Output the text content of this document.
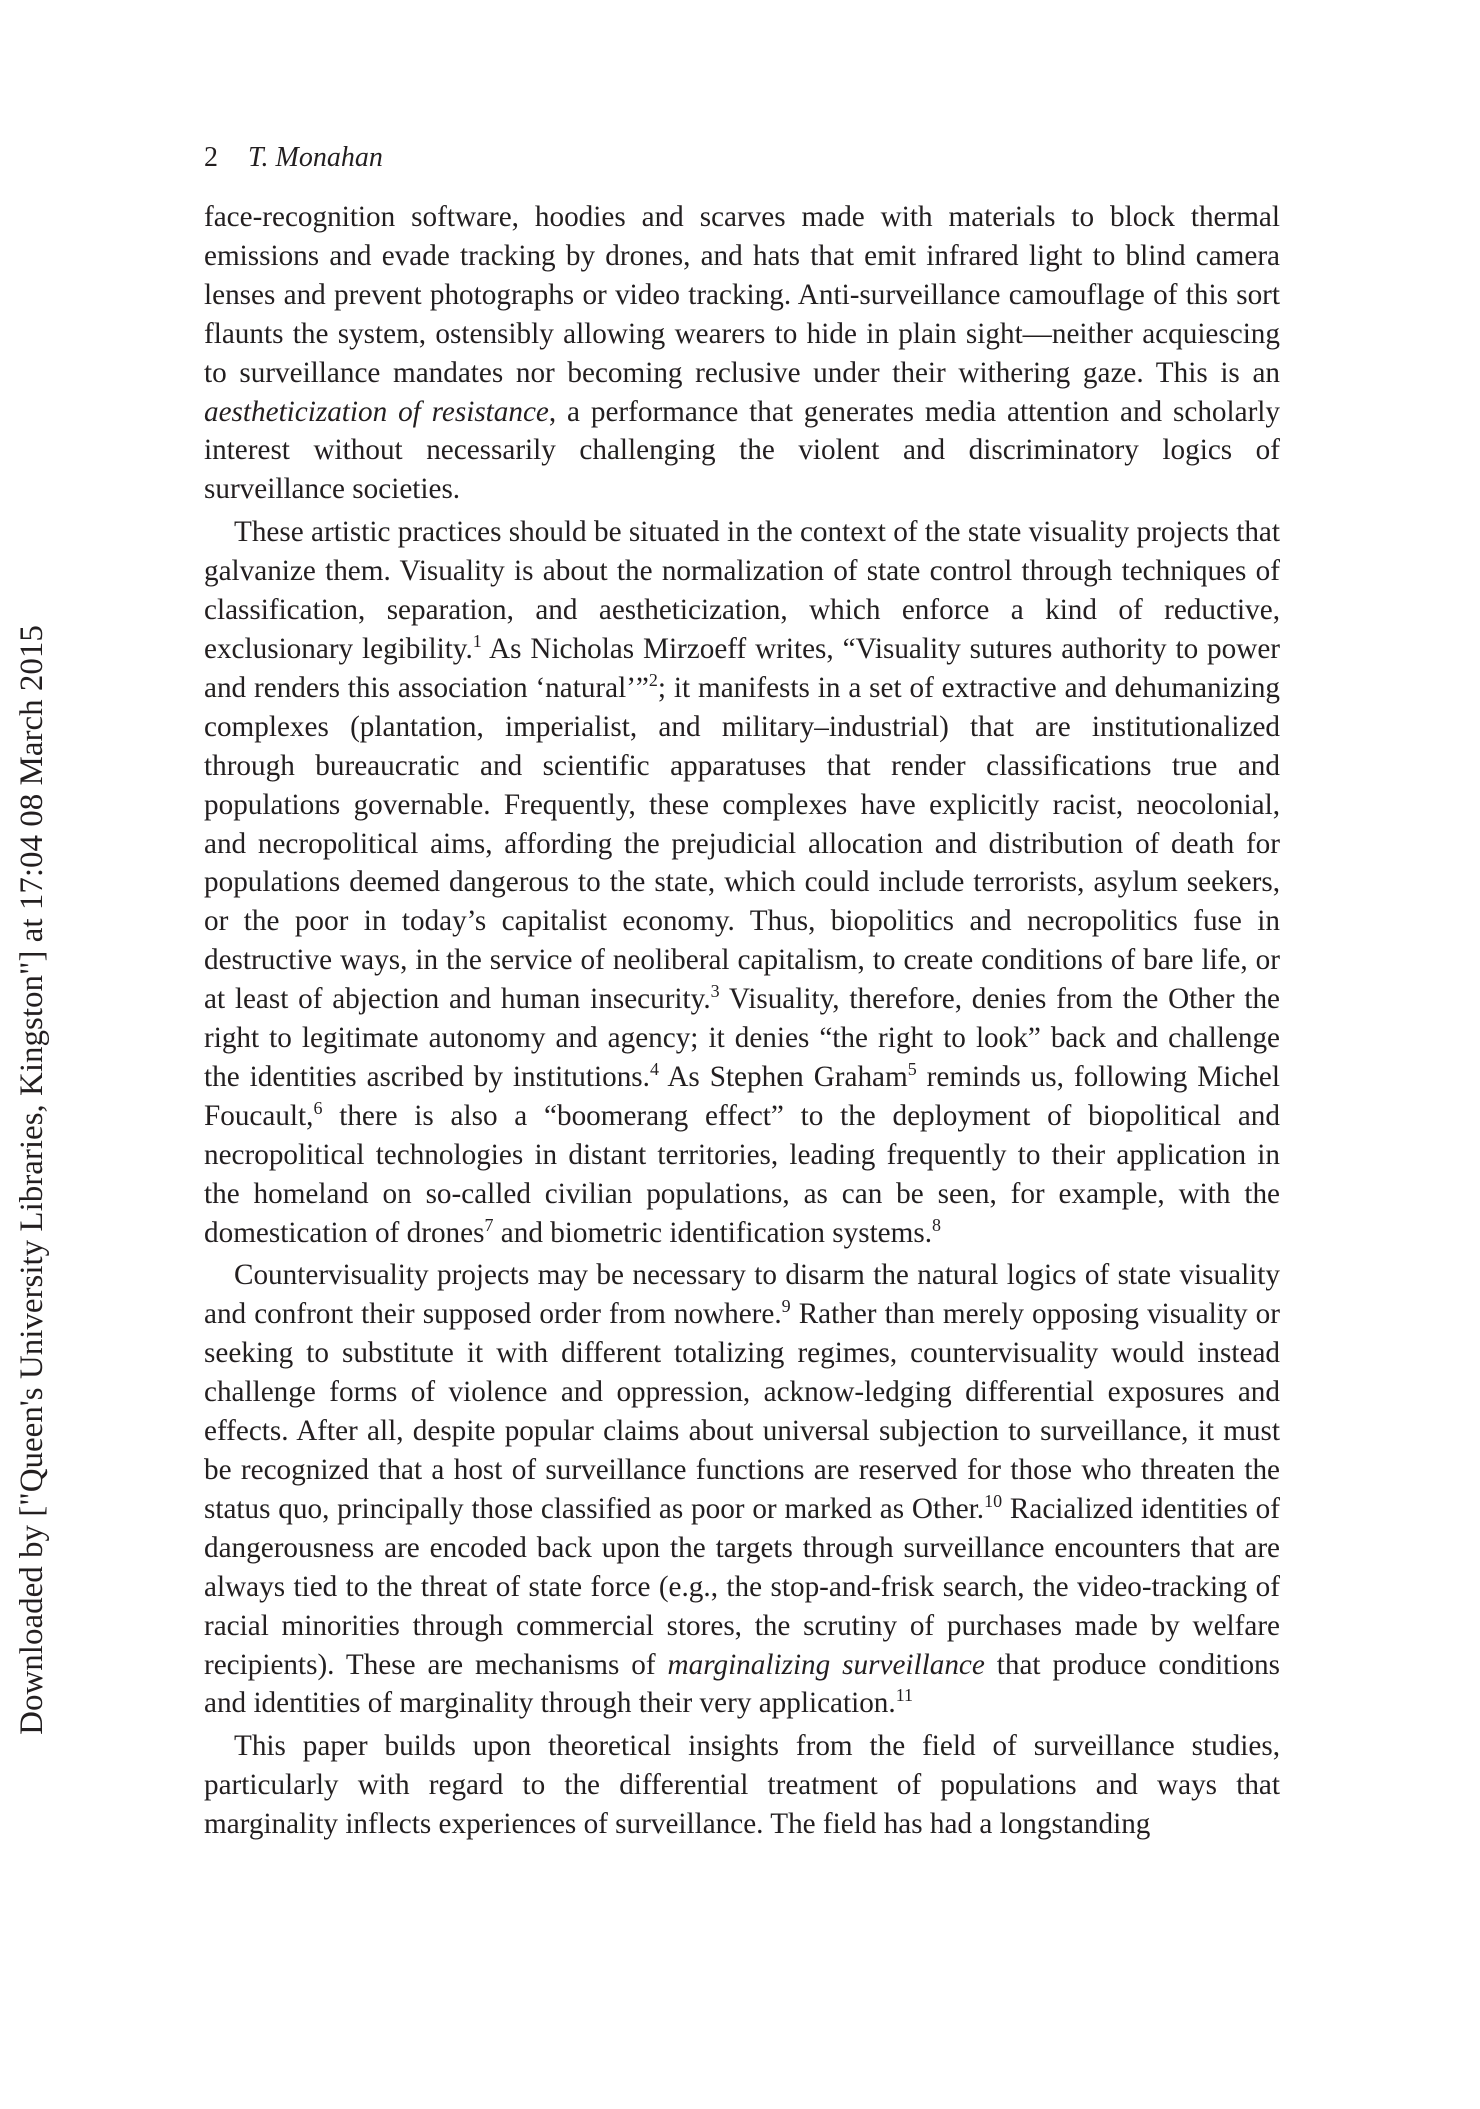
Downloaded by ["Queen's University Libraries, Kingston"] at 17:04 08 March 2015
2 T. Monahan

face-recognition software, hoodies and scarves made with materials to block thermal emissions and evade tracking by drones, and hats that emit infrared light to blind camera lenses and prevent photographs or video tracking. Anti-surveillance camouflage of this sort flaunts the system, ostensibly allowing wearers to hide in plain sight—neither acquiescing to surveillance mandates nor becoming reclusive under their withering gaze. This is an aestheticization of resistance, a performance that generates media attention and scholarly interest without necessarily challenging the violent and discriminatory logics of surveillance societies.

These artistic practices should be situated in the context of the state visuality projects that galvanize them. Visuality is about the normalization of state control through techniques of classification, separation, and aestheticization, which enforce a kind of reductive, exclusionary legibility.$^1$ As Nicholas Mirzoeff writes, “Visuality sutures authority to power and renders this association ‘natural’”$^2$; it manifests in a set of extractive and dehumanizing complexes (plantation, imperialist, and military–industrial) that are institutionalized through bureaucratic and scientific apparatuses that render classifications true and populations governable. Frequently, these complexes have explicitly racist, neocolonial, and necropolitical aims, affording the prejudicial allocation and distribution of death for populations deemed dangerous to the state, which could include terrorists, asylum seekers, or the poor in today’s capitalist economy. Thus, biopolitics and necropolitics fuse in destructive ways, in the service of neoliberal capitalism, to create conditions of bare life, or at least of abjection and human insecurity.$^3$ Visuality, therefore, denies from the Other the right to legitimate autonomy and agency; it denies “the right to look” back and challenge the identities ascribed by institutions.$^4$ As Stephen Graham$^5$ reminds us, following Michel Foucault,$^6$ there is also a “boomerang effect” to the deployment of biopolitical and necropolitical technologies in distant territories, leading frequently to their application in the homeland on so-called civilian populations, as can be seen, for example, with the domestication of drones$^7$ and biometric identification systems.$^8$

Countervisuality projects may be necessary to disarm the natural logics of state visuality and confront their supposed order from nowhere.$^9$ Rather than merely opposing visuality or seeking to substitute it with different totalizing regimes, countervisuality would instead challenge forms of violence and oppression, acknow-ledging differential exposures and effects. After all, despite popular claims about universal subjection to surveillance, it must be recognized that a host of surveillance functions are reserved for those who threaten the status quo, principally those classified as poor or marked as Other.$^{10}$ Racialized identities of dangerousness are encoded back upon the targets through surveillance encounters that are always tied to the threat of state force (e.g., the stop-and-frisk search, the video-tracking of racial minorities through commercial stores, the scrutiny of purchases made by welfare recipients). These are mechanisms of marginalizing surveillance that produce conditions and identities of marginality through their very application.$^{11}$

This paper builds upon theoretical insights from the field of surveillance studies, particularly with regard to the differential treatment of populations and ways that marginality inflects experiences of surveillance. The field has had a longstanding
